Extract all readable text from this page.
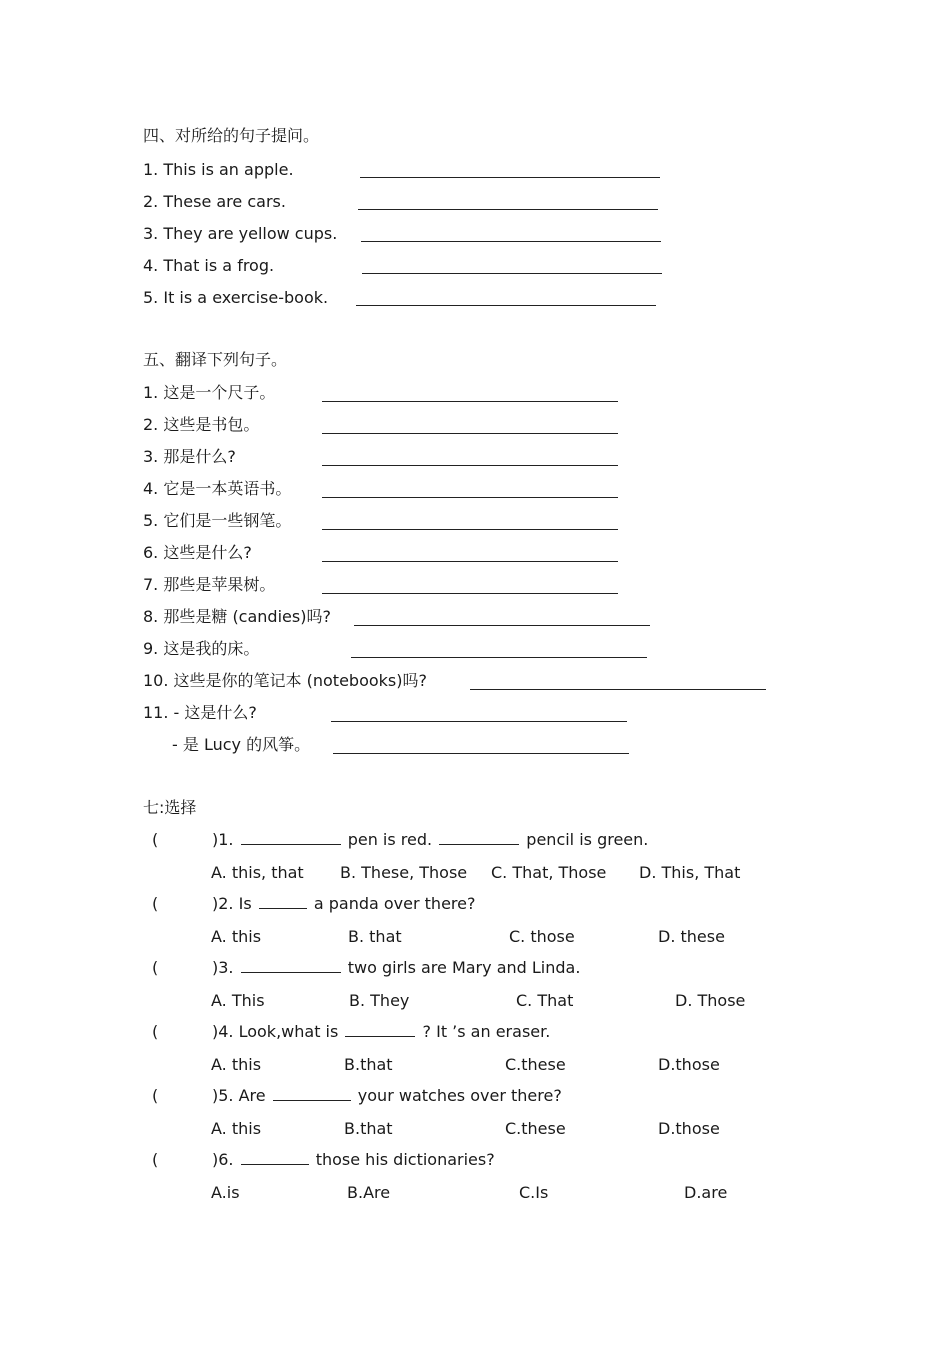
四、对所给的句子提问。
1. This is an apple.
2. These are cars.
3. They are yellow cups.
4. That is a frog.
5. It is a exercise-book.
五、翻译下列句子。
1. 这是一个尺子。
2. 这些是书包。
3. 那是什么?
4. 它是一本英语书。
5. 它们是一些钢笔。
6. 这些是什么?
7. 那些是苹果树。
8. 那些是糖 (candies)吗?
9. 这是我的床。
10. 这些是你的笔记本 (notebooks)吗?
11. - 这是什么?
- 是 Lucy 的风筝。
七:选择
(	)1.	pen is red.	pencil is green.
A. this, that B. These, Those C. That, Those D. This, That
(	)2. Is	a panda over there?
A. this	B. that	C. those	D. these
(	)3.	two girls are Mary and Linda.
A. This	B. They	C. That	D. Those
(	)4. Look,what is	? It ’s an eraser.
A. this	B.that	C.these	D.those
(	)5. Are	your watches over there?
A. this	B.that	C.these	D.those
(	)6.	those his dictionaries?
A.is	B.Are	C.Is	D.are
